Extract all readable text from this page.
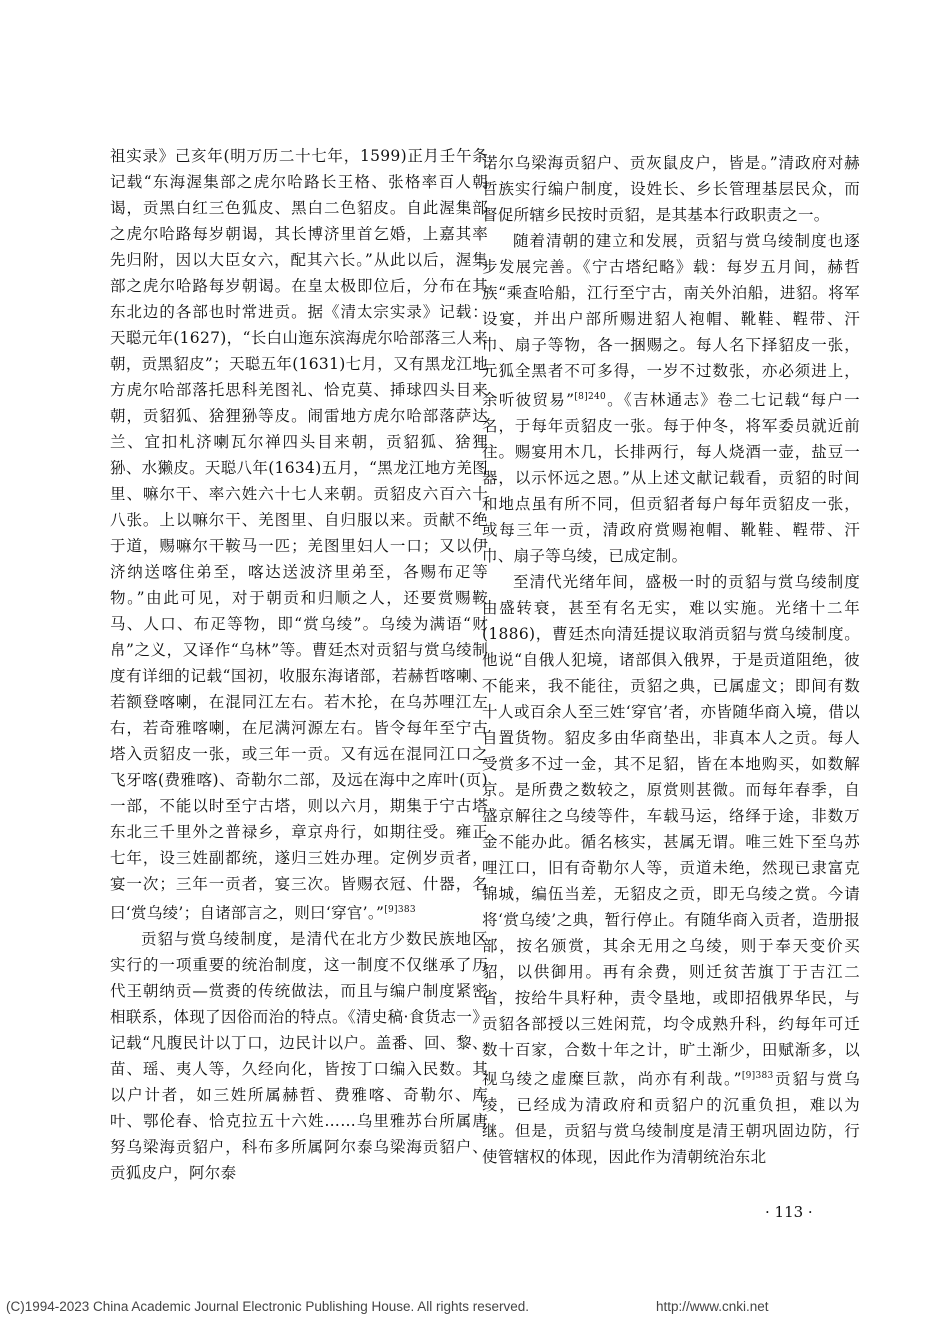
祖实录》己亥年(明万历二十七年，1599)正月壬午条记载“东海渥集部之虎尔哈路长王格、张格率百人朝谒，贡黑白红三色狐皮、黑白二色貂皮。自此渥集部之虎尔哈路每岁朝谒，其长博济里首乞婚，上嘉其率先归附，因以大臣女六，配其六长。”从此以后，渥集部之虎尔哈路每岁朝谒。在皇太极即位后，分布在其东北边的各部也时常进贡。据《清太宗实录》记载：天聪元年(1627)，“长白山迤东滨海虎尔哈部落三人来朝，贡黑貂皮”；天聪五年(1631)七月，又有黑龙江地方虎尔哈部落托思科羌图礼、恰克莫、揷球四头目来朝，贡貂狐、猞狸狲等皮。闹雷地方虎尔哈部落萨达兰、宜扣札济喇瓦尔禅四头目来朝，贡貂狐、猞狸狲、水獭皮。天聪八年(1634)五月，“黑龙江地方羌图里、嘛尔干、率六姓六十七人来朝。贡貂皮六百六十八张。上以嘛尔干、羌图里、自归服以来。贡献不绝于道，赐嘛尔干鞍马一匹；羌图里妇人一口；又以伊济纳送喀住弟至，喀达送波济里弟至，各赐布疋等物。”由此可见，对于朝贡和归顺之人，还要赏赐鞍马、人口、布疋等物，即“赏乌绫”。乌绫为满语“财帛”之义，又译作“乌林”等。曹廷杰对贡貂与赏乌绫制度有详细的记载“国初，收服东海诸部，若赫哲喀喇、若额登喀喇，在混同江左右。若木抡，在乌苏哩江左右，若奇雅喀喇，在尼满河源左右。皆令每年至宁古塔入贡貂皮一张，或三年一贡。又有远在混同江口之飞牙喀(费雅喀)、奇勒尔二部，及远在海中之库叶(页)一部，不能以时至宁古塔，则以六月，期集于宁古塔东北三千里外之普禄乡，章京舟行，如期往受。雍正七年，设三姓副都统，遂归三姓办理。定例岁贡者，宴一次；三年一贡者，宴三次。皆赐衣冠、什器，名曰‘赏乌绫’；自诸部言之，则曰‘穿官’。”$^{[9]383}$

贡貂与赏乌绫制度，是清代在北方少数民族地区实行的一项重要的统治制度，这一制度不仅继承了历代王朝纳贡—赏赉的传统做法，而且与编户制度紧密相联系，体现了因俗而治的特点。《清史稿·食货志一》记载“凡腹民计以丁口，边民计以户。盖番、回、黎、苗、瑶、夷人等，久经向化，皆按丁口编入民数。其以户计者，如三姓所属赫哲、费雅喀、奇勒尔、库叶、鄂伦春、恰克拉五十六姓……乌里雅苏台所属唐努乌梁海贡貂户，科布多所属阿尔泰乌梁海贡貂户、贡狐皮户，阿尔泰

诺尔乌梁海贡貂户、贡灰鼠皮户，皆是。”清政府对赫哲族实行编户制度，设姓长、乡长管理基层民众，而督促所辖乡民按时贡貂，是其基本行政职责之一。

随着清朝的建立和发展，贡貂与赏乌绫制度也逐步发展完善。《宁古塔纪略》载：每岁五月间，赫哲族“乘查哈船，江行至宁古，南关外泊船，进貂。将军设宴，并出户部所赐进貂人袍帽、靴鞋、鞓带、汗巾、扇子等物，各一捆赐之。每人名下择貂皮一张，元狐全黑者不可多得，一岁不过数张，亦必须进上，余听彼贸易”$^{[8]240}$。《吉林通志》卷二七记载“每户一名，于每年贡貂皮一张。每于仲冬，将军委员就近前往。赐宴用木几，长排两行，每人烧酒一壶，盐豆一器，以示怀远之恩。”从上述文献记载看，贡貂的时间和地点虽有所不同，但贡貂者每户每年贡貂皮一张，或每三年一贡，清政府赏赐袍帽、靴鞋、鞓带、汗巾、扇子等乌绫，已成定制。

至清代光绪年间，盛极一时的贡貂与赏乌绫制度由盛转衰，甚至有名无实，难以实施。光绪十二年(1886)，曹廷杰向清廷提议取消贡貂与赏乌绫制度。他说“自俄人犯境，诸部俱入俄界，于是贡道阻绝，彼不能来，我不能往，贡貂之典，已属虚文；即间有数十人或百余人至三姓‘穿官’者，亦皆随华商入境，借以自置货物。貂皮多由华商垫出，非真本人之贡。每人受赏多不过一金，其不足貂，皆在本地购买，如数解京。是所费之数较之，原赏则甚微。而每年春季，自盛京解往之乌绫等件，车载马运，络绎于途，非数万金不能办此。循名核实，甚属无谓。唯三姓下至乌苏哩江口，旧有奇勒尔人等，贡道未绝，然现已隶富克锦城，编伍当差，无貂皮之贡，即无乌绫之赏。今请将‘赏乌绫’之典，暂行停止。有随华商入贡者，造册报部，按名颁赏，其余无用之乌绫，则于奉天变价买貂，以供御用。再有余费，则迁贫苦旗丁于吉江二省，按给牛具籽种，责令垦地，或即招俄界华民，与贡貂各部授以三姓闲荒，均令成熟升科，约每年可迁数十百家，合数十年之计，旷土渐少，田赋渐多，以视乌绫之虚糜巨款，尚亦有利哉。”$^{[9]383}$贡貂与赏乌绫，已经成为清政府和贡貂户的沉重负担，难以为继。但是，贡貂与赏乌绫制度是清王朝巩固边防，行使管辖权的体现，因此作为清朝统治东北

· 113 ·
(C)1994-2023 China Academic Journal Electronic Publishing House. All rights reserved.	http://www.cnki.net
